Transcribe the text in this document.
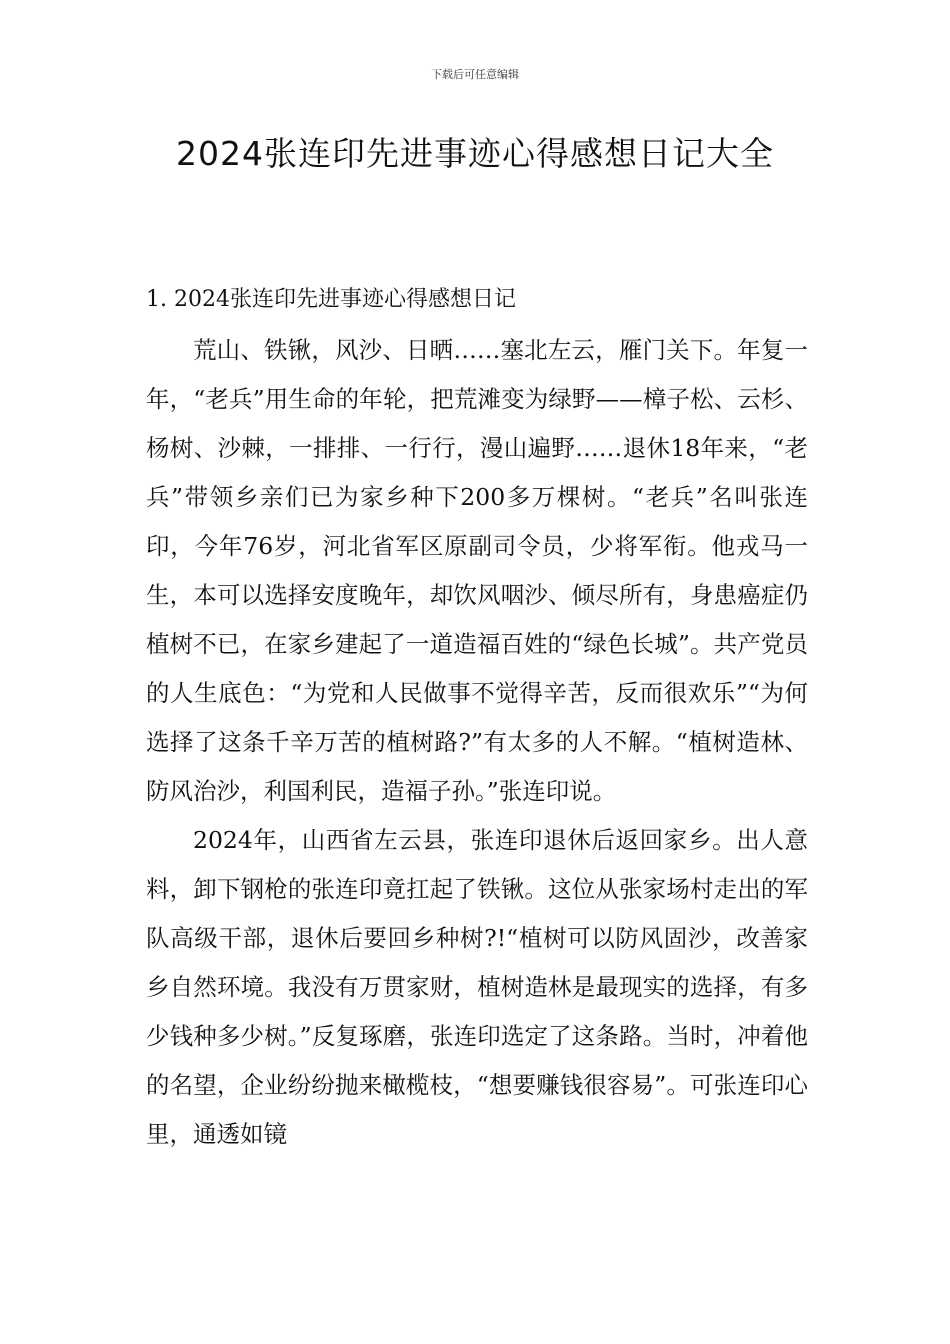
下载后可任意编辑
2024张连印先进事迹心得感想日记大全
1. 2024张连印先进事迹心得感想日记

荒山、铁锹，风沙、日晒……塞北左云，雁门关下。年复一年，“老兵”用生命的年轮，把荒滩变为绿野——樟子松、云杉、杨树、沙棘，一排排、一行行，漫山遍野……退休18年来，“老兵”带领乡亲们已为家乡种下200多万棵树。“老兵”名叫张连印，今年76岁，河北省军区原副司令员，少将军衔。他戎马一生，本可以选择安度晚年，却饮风咽沙、倾尽所有，身患癌症仍植树不已，在家乡建起了一道造福百姓的“绿色长城”。共产党员的人生底色：“为党和人民做事不觉得辛苦，反而很欢乐”“为何选择了这条千辛万苦的植树路?”有太多的人不解。“植树造林、防风治沙，利国利民，造福子孙。”张连印说。

2024年，山西省左云县，张连印退休后返回家乡。出人意料，卸下钢枪的张连印竟扛起了铁锹。这位从张家场村走出的军队高级干部，退休后要回乡种树?!“植树可以防风固沙，改善家乡自然环境。我没有万贯家财，植树造林是最现实的选择，有多少钱种多少树。”反复琢磨，张连印选定了这条路。当时，冲着他的名望，企业纷纷抛来橄榄枝，“想要赚钱很容易”。可张连印心里，通透如镜
